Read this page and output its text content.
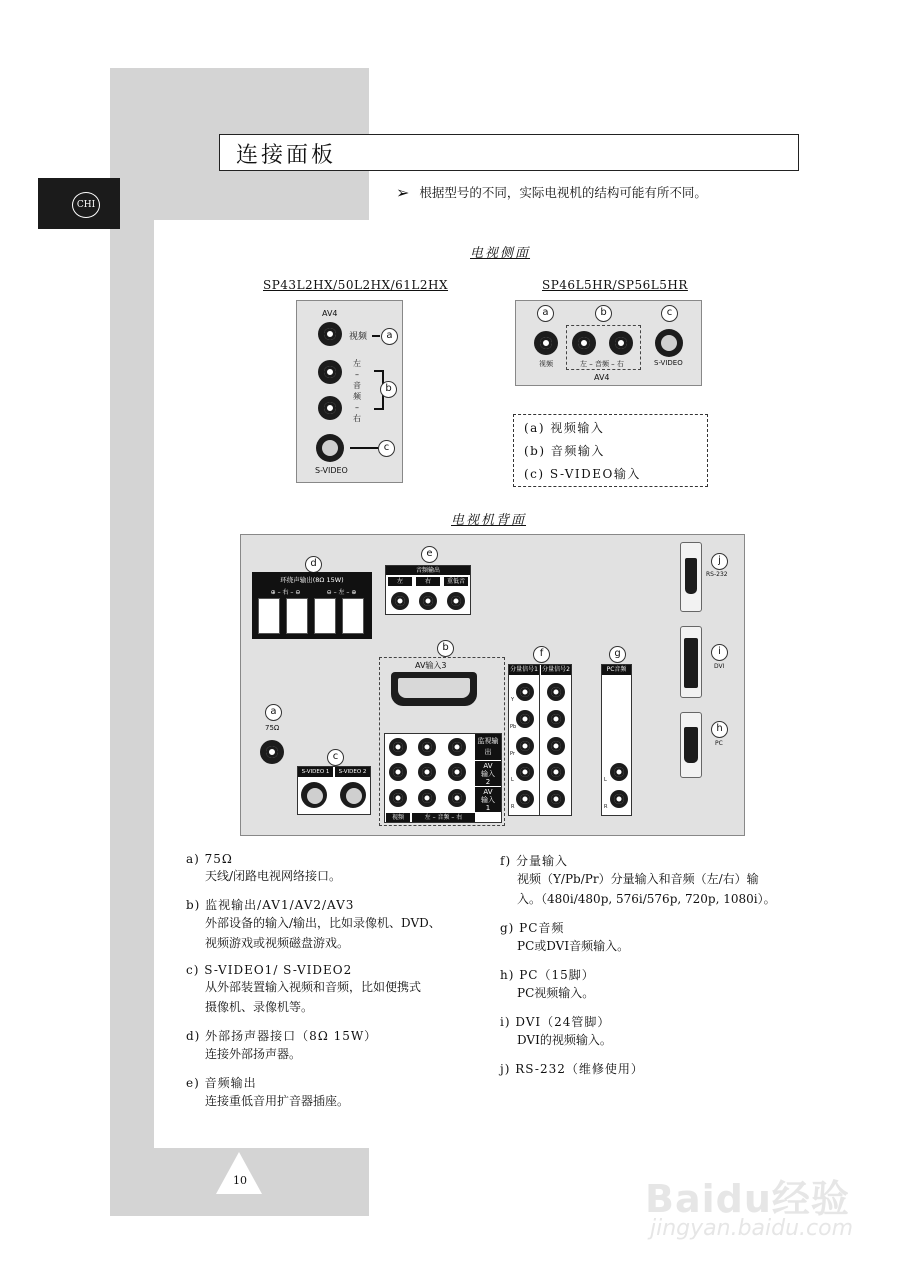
CHI
连接面板
➢ 根据型号的不同，实际电视机的结构可能有所不同。
电视侧面
SP43L2HX/50L2HX/61L2HX	SP46L5HR/SP56L5HR
AV4
视频	a
左
–
音
频
–
右
b
c
S-VIDEO
a	b	c
视频	左 – 音频 – 右	S-VIDEO
AV4
(a) 视频输入
(b) 音频输入
(c) S-VIDEO输入
电视机背面
d
环绕声输出(8Ω 15W)
⊕ – 右 – ⊖	⊖ – 左 – ⊕
e
音频输出
左	右	重低音
b
AV输入3
监视输出
AV输入2
AV输入1
视频	左 – 音频 – 右
f
分量信号1 分量信号2
Y
Pb
Pr
L
R
g
PC音频
L
R
j
RS-232
i
DVI
h
PC
a
75Ω
c
S-VIDEO 1	S-VIDEO 2
a) 75Ω
天线/闭路电视网络接口。
b) 监视输出/AV1/AV2/AV3
外部设备的输入/输出，比如录像机、DVD、
视频游戏或视频磁盘游戏。
c) S-VIDEO1/ S-VIDEO2
从外部装置输入视频和音频，比如便携式
摄像机、录像机等。
d) 外部扬声器接口（8Ω 15W）
连接外部扬声器。
e) 音频输出
连接重低音用扩音器插座。
f) 分量输入
视频（Y/Pb/Pr）分量输入和音频（左/右）输
入。（480i/480p, 576i/576p, 720p, 1080i）。
g) PC音频
PC或DVI音频输入。
h) PC（15脚）
PC视频输入。
i) DVI（24管脚）
DVI的视频输入。
j) RS-232（维修使用）
10	Baidu经验
jingyan.baidu.com
